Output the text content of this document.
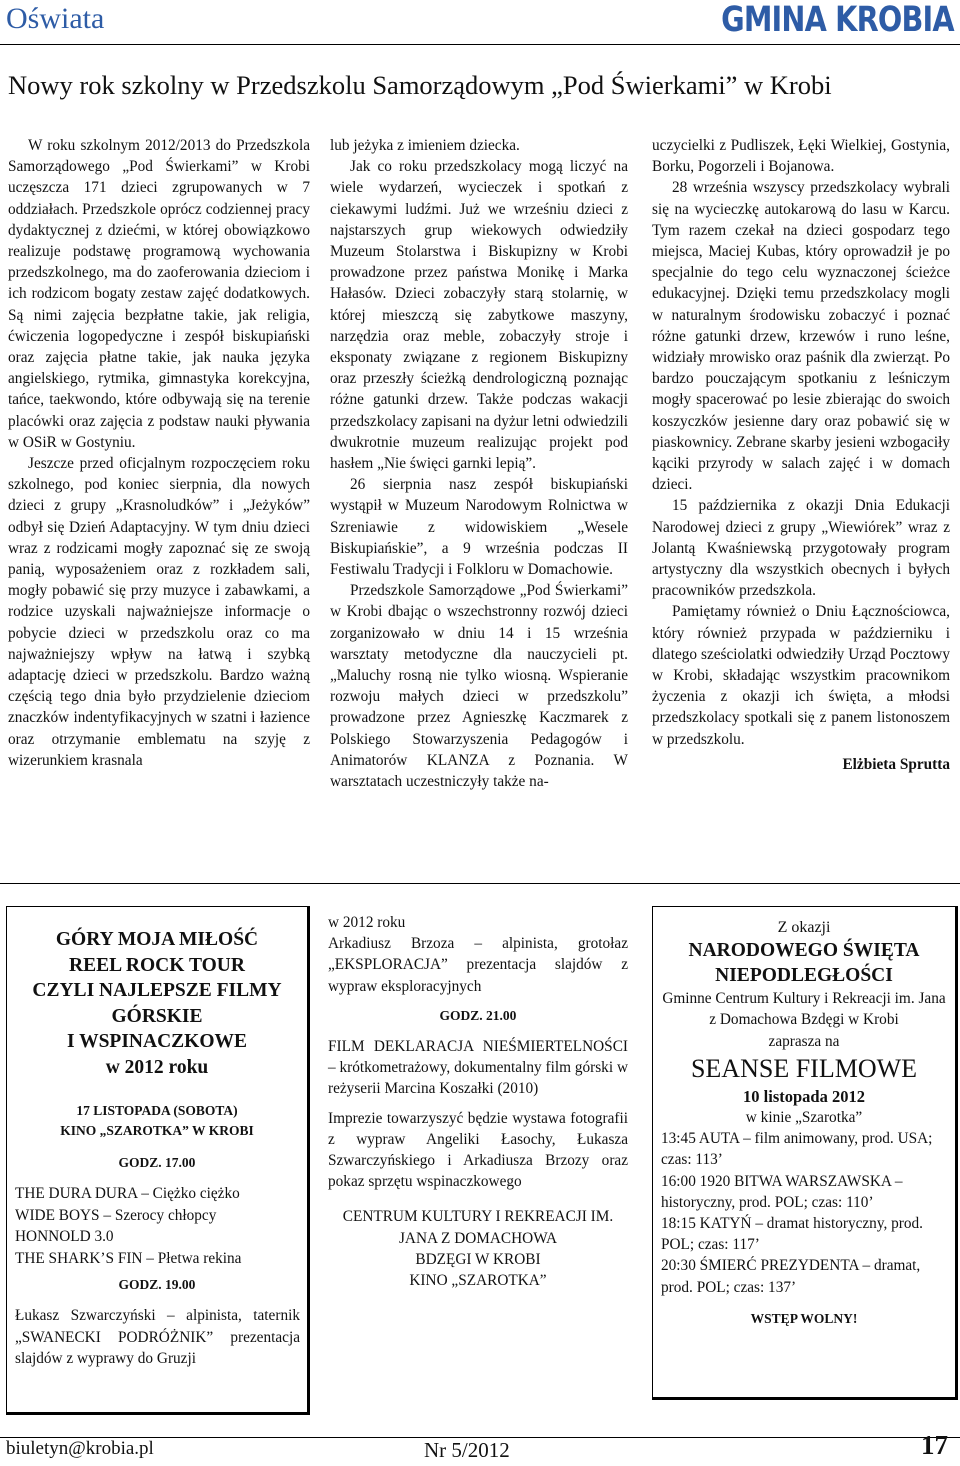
Oświata	GMINA KROBIA
Nowy rok szkolny w Przedszkolu Samorządowym „Pod Świerkami” w Krobi

W roku szkolnym 2012/2013 do Przedszkola Samorządowego „Pod Świerkami” w Krobi uczęszcza 171 dzieci zgrupowanych w 7 oddziałach. Przedszkole oprócz codziennej pracy dydaktycznej z dziećmi, w której obowiązkowo realizuje podstawę programową wychowania przedszkolnego, ma do zaoferowania dzieciom i ich rodzicom bogaty zestaw zajęć dodatkowych. Są nimi zajęcia bezpłatne takie, jak religia, ćwiczenia logopedyczne i zespół biskupiański oraz zajęcia płatne takie, jak nauka języka angielskiego, rytmika, gimnastyka korekcyjna, tańce, taekwondo, które odbywają się na terenie placówki oraz zajęcia z podstaw nauki pływania w OSiR w Gostyniu.

Jeszcze przed oficjalnym rozpoczęciem roku szkolnego, pod koniec sierpnia, dla nowych dzieci z grupy „Krasnoludków” i „Jeżyków” odbył się Dzień Adaptacyjny. W tym dniu dzieci wraz z rodzicami mogły zapoznać się ze swoją panią, wyposażeniem oraz z rozkładem sali, mogły pobawić się przy muzyce i zabawkami, a rodzice uzyskali najważniejsze informacje o pobycie dzieci w przedszkolu oraz co ma najważniejszy wpływ na łatwą i szybką adaptację dzieci w przedszkolu. Bardzo ważną częścią tego dnia było przydzielenie dzieciom znaczków indentyfikacyjnych w szatni i łazience oraz otrzymanie emblematu na szyję z wizerunkiem krasnala

lub jeżyka z imieniem dziecka.

Jak co roku przedszkolacy mogą liczyć na wiele wydarzeń, wycieczek i spotkań z ciekawymi ludźmi. Już we wrześniu dzieci z najstarszych grup wiekowych odwiedziły Muzeum Stolarstwa i Biskupizny w Krobi prowadzone przez państwa Monikę i Marka Hałasów. Dzieci zobaczyły starą stolarnię, w której mieszczą się zabytkowe maszyny, narzędzia oraz meble, zobaczyły stroje i eksponaty związane z regionem Biskupizny oraz przeszły ścieżką dendrologiczną poznając różne gatunki drzew. Także podczas wakacji przedszkolacy zapisani na dyżur letni odwiedzili dwukrotnie muzeum realizując projekt pod hasłem „Nie święci garnki lepią”.

26 sierpnia nasz zespół biskupiański wystąpił w Muzeum Narodowym Rolnictwa w Szreniawie z widowiskiem „Wesele Biskupiańskie”, a 9 września podczas II Festiwalu Tradycji i Folkloru w Domachowie.

Przedszkole Samorządowe „Pod Świerkami” w Krobi dbając o wszechstronny rozwój dzieci zorganizowało w dniu 14 i 15 września warsztaty metodyczne dla nauczycieli pt. „Maluchy rosną nie tylko wiosną. Wspieranie rozwoju małych dzieci w przedszkolu” prowadzone przez Agnieszkę Kaczmarek z Polskiego Stowarzyszenia Pedagogów i Animatorów KLANZA z Poznania. W warsztatach uczestniczyły także na-

uczycielki z Pudliszek, Łęki Wielkiej, Gostynia, Borku, Pogorzeli i Bojanowa.

28 września wszyscy przedszkolacy wybrali się na wycieczkę autokarową do lasu w Karcu. Tym razem czekał na dzieci gospodarz tego miejsca, Maciej Kubas, który oprowadził je po specjalnie do tego celu wyznaczonej ścieżce edukacyjnej. Dzięki temu przedszkolacy mogli w naturalnym środowisku zobaczyć i poznać różne gatunki drzew, krzewów i runo leśne, widziały mrowisko oraz paśnik dla zwierząt. Po bardzo pouczającym spotkaniu z leśniczym mogły spacerować po lesie zbierając do swoich koszyczków jesienne dary oraz pobawić się w piaskownicy. Zebrane skarby jesieni wzbogaciły kąciki przyrody w salach zajęć i w domach dzieci.

15 października z okazji Dnia Edukacji Narodowej dzieci z grupy „Wiewiórek” wraz z Jolantą Kwaśniewską przygotowały program artystyczny dla wszystkich obecnych i byłych pracowników przedszkola.

Pamiętamy również o Dniu Łącznościowca, który również przypada w październiku i dlatego sześciolatki odwiedziły Urząd Pocztowy w Krobi, składając wszystkim pracownikom życzenia z okazji ich święta, a młodsi przedszkolacy spotkali się z panem listonoszem w przedszkolu.

Elżbieta Sprutta

GÓRY MOJA MIŁOŚĆ
REEL ROCK TOUR
CZYLI NAJLEPSZE FILMY
GÓRSKIE
I WSPINACZKOWE
w 2012 roku
17 LISTOPADA (SOBOTA)
KINO „SZAROTKA” W KROBI
GODZ. 17.00
THE DURA DURA – Ciężko ciężko
WIDE BOYS – Szerocy chłopcy
HONNOLD 3.0
THE SHARK’S FIN – Płetwa rekina
GODZ. 19.00
Łukasz Szwarczyński – alpinista, taternik „SWANECKI PODRÓŻNIK” prezentacja slajdów z wyprawy do Gruzji

w 2012 roku

Arkadiusz Brzoza – alpinista, grotołaz „EKSPLORACJA” prezentacja slajdów z wypraw eksploracyjnych

GODZ. 21.00

FILM DEKLARACJA NIEŚMIERTELNOŚCI – krótkometrażowy, dokumentalny film górski w reżyserii Marcina Koszałki (2010)

Imprezie towarzyszyć będzie wystawa fotografii z wypraw Angeliki Łasochy, Łukasza Szwarczyńskiego i Arkadiusza Brzozy oraz pokaz sprzętu wspinaczkowego

CENTRUM KULTURY I REKREACJI IM. JANA Z DOMACHOWA
BDZĘGI W KROBI
KINO „SZAROTKA”

Z okazji

NARODOWEGO ŚWIĘTA

NIEPODLEGŁOŚCI

Gminne Centrum Kultury i Rekreacji im. Jana z Domachowa Bzdęgi w Krobi

zaprasza na

SEANSE FILMOWE

10 listopada 2012

w kinie „Szarotka”

13:45 AUTA – film animowany, prod. USA; czas: 113’
16:00 1920 BITWA WARSZAWSKA – historyczny, prod. POL; czas: 110’
18:15 KATYŃ – dramat historyczny, prod. POL; czas: 117’
20:30 ŚMIERĆ PREZYDENTA – dramat, prod. POL; czas: 137’

WSTĘP WOLNY!

biuletyn@krobia.pl	Nr 5/2012	17
